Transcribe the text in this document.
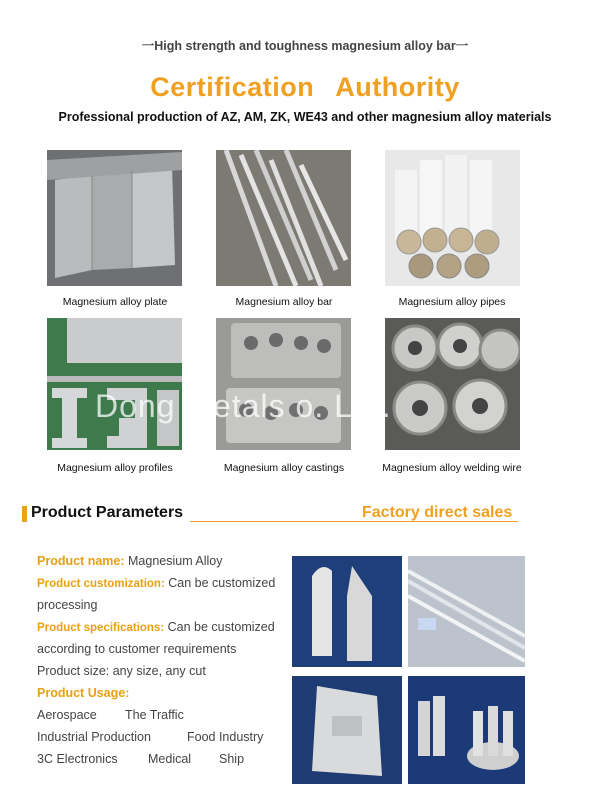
一High strength and toughness magnesium alloy bar一
Certification Authority
Professional production of AZ, AM, ZK, WE43 and other magnesium alloy materials
Magnesium alloy plate	Magnesium alloy bar	Magnesium alloy pipes
Magnesium alloy profiles	Magnesium alloy castings	Magnesium alloy welding wire
Dong Metals o. Ltd.
Product Parameters	Factory direct sales
Product name: Magnesium Alloy
Product customization: Can be customized
processing
Product specifications: Can be customized
according to customer requirements
Product size: any size, any cut
Product Usage:
Aerospace The Traffic
Industrial Production	Food Industry
3C Electronics Medical Ship
